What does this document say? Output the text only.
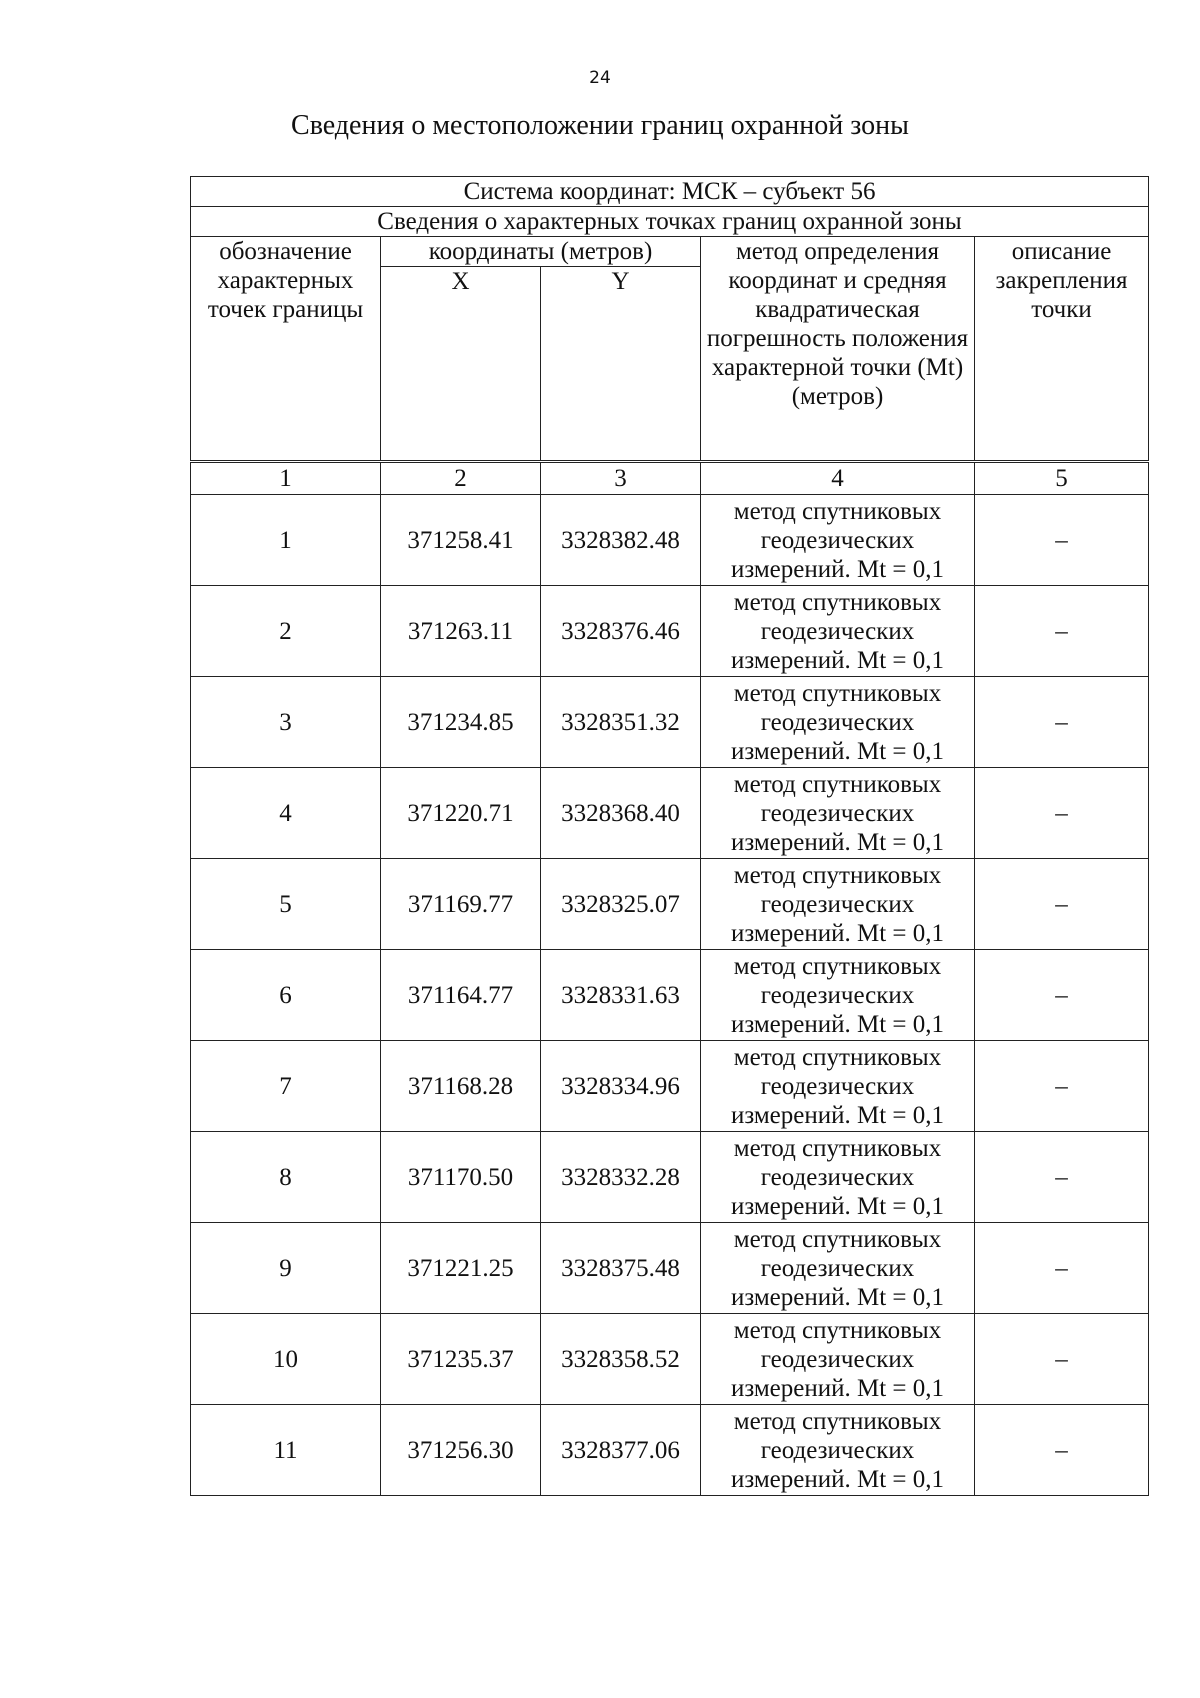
24
Сведения о местоположении границ охранной зоны
Система координат: МСК – субъект 56				
Сведения о характерных точках границ охранной зоны				
обозначение характерных точек границы	координаты (метров)		метод определения координат и средняя квадратическая погрешность положения характерной точки (Mt) (метров)	описание закрепления точки
	X	Y		
1	2	3	4	5
1	371258.41	3328382.48	метод спутниковых геодезических измерений. Mt = 0,1	–
2	371263.11	3328376.46	метод спутниковых геодезических измерений. Mt = 0,1	–
3	371234.85	3328351.32	метод спутниковых геодезических измерений. Mt = 0,1	–
4	371220.71	3328368.40	метод спутниковых геодезических измерений. Mt = 0,1	–
5	371169.77	3328325.07	метод спутниковых геодезических измерений. Mt = 0,1	–
6	371164.77	3328331.63	метод спутниковых геодезических измерений. Mt = 0,1	–
7	371168.28	3328334.96	метод спутниковых геодезических измерений. Mt = 0,1	–
8	371170.50	3328332.28	метод спутниковых геодезических измерений. Mt = 0,1	–
9	371221.25	3328375.48	метод спутниковых геодезических измерений. Mt = 0,1	–
10	371235.37	3328358.52	метод спутниковых геодезических измерений. Mt = 0,1	–
11	371256.30	3328377.06	метод спутниковых геодезических измерений. Mt = 0,1	–
